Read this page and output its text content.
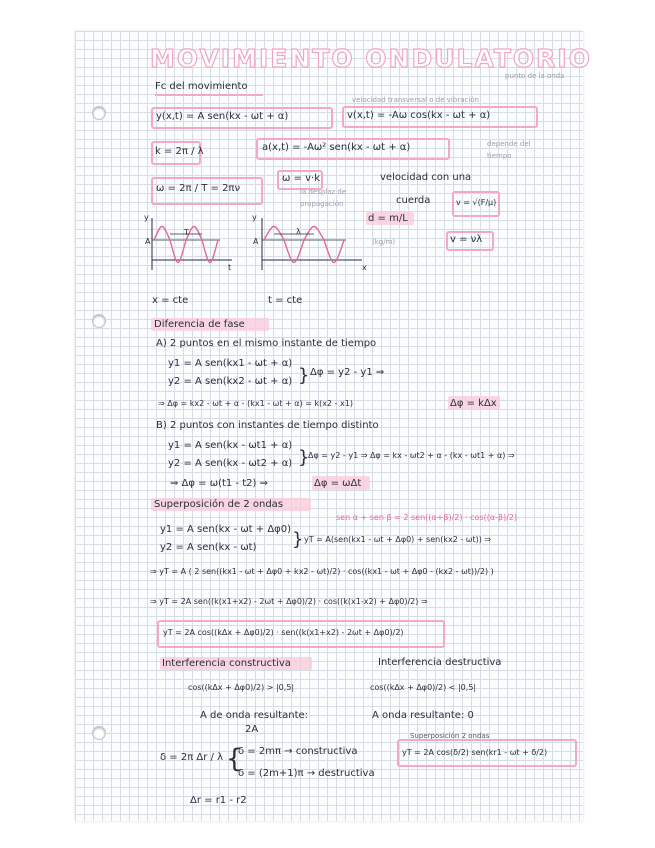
MOVIMIENTO ONDULATORIO
Fc del movimiento
punto de la onda
velocidad transversal o de vibración
depende del tiempo
y(x,t) = A sen(kx - ωt + α)	v(x,t) = -Aω cos(kx - ωt + α)
k = 2π / λ	a(x,t) = -Aω² sen(kx - ωt + α)
ω = 2π / T = 2πν
ω = v·k
la desplaz de propagación
velocidad con una
cuerda	v = √(F/μ)
d = m/L
(kg/m)	v = νλ
y
A
T
t
x = cte
y
A
λ
x
t = cte
Diferencia de fase
A) 2 puntos en el mismo instante de tiempo
y1 = A sen(kx1 - ωt + α)
y2 = A sen(kx2 - ωt + α) } Δφ = y2 - y1 ⇒
⇒ Δφ = kx2 - ωt + α - (kx1 - ωt + α) = k(x2 - x1)	Δφ = kΔx
B) 2 puntos con instantes de tiempo distinto
y1 = A sen(kx - ωt1 + α)
y2 = A sen(kx - ωt2 + α) }
Δφ = y2 - y1 ⇒ Δφ = kx - ωt2 + α - (kx - ωt1 + α) ⇒
⇒ Δφ = ω(t1 - t2) ⇒	Δφ = ωΔt
Superposición de 2 ondas
sen α + sen β = 2 sen((α+β)/2) · cos((α-β)/2)
y1 = A sen(kx - ωt + Δφ0)
y2 = A sen(kx - ωt) } yT = A(sen(kx1 - ωt + Δφ0) + sen(kx2 - ωt)) ⇒
⇒ yT = A ( 2 sen((kx1 - ωt + Δφ0 + kx2 - ωt)/2) · cos((kx1 - ωt + Δφ0 - (kx2 - ωt))/2) )
⇒ yT = 2A sen((k(x1+x2) - 2ωt + Δφ0)/2) · cos((k(x1-x2) + Δφ0)/2) ⇒
yT = 2A cos((kΔx + Δφ0)/2) · sen((k(x1+x2) - 2ωt + Δφ0)/2)
Interferencia constructiva
cos((kΔx + Δφ0)/2) > |0,5|
A de onda resultante:
2A
Interferencia destructiva
cos((kΔx + Δφ0)/2) < |0,5|
A onda resultante: 0
Superposición 2 ondas
δ = 2π Δr / λ {
δ = 2mπ → constructiva
δ = (2m+1)π → destructiva
yT = 2A cos(δ/2) sen(kr1 - ωt + δ/2)
Δr = r1 - r2
